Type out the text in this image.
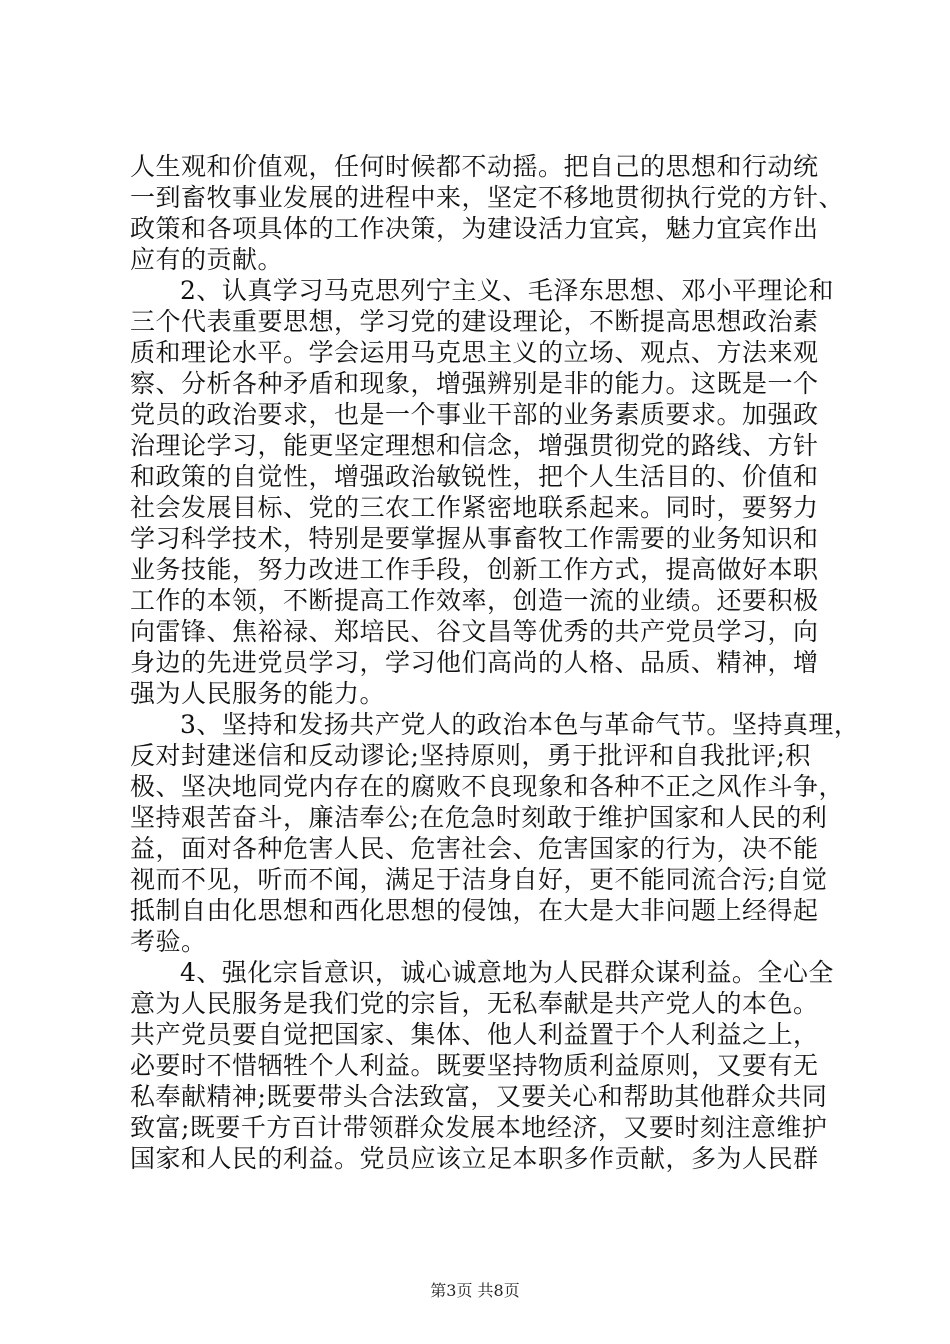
人生观和价值观，任何时候都不动摇。把自己的思想和行动统
一到畜牧事业发展的进程中来，坚定不移地贯彻执行党的方针、
政策和各项具体的工作决策，为建设活力宜宾，魅力宜宾作出
应有的贡献。
2、认真学习马克思列宁主义、毛泽东思想、邓小平理论和
三个代表重要思想，学习党的建设理论，不断提高思想政治素
质和理论水平。学会运用马克思主义的立场、观点、方法来观
察、分析各种矛盾和现象，增强辨别是非的能力。这既是一个
党员的政治要求，也是一个事业干部的业务素质要求。加强政
治理论学习，能更坚定理想和信念，增强贯彻党的路线、方针
和政策的自觉性，增强政治敏锐性，把个人生活目的、价值和
社会发展目标、党的三农工作紧密地联系起来。同时，要努力
学习科学技术，特别是要掌握从事畜牧工作需要的业务知识和
业务技能，努力改进工作手段，创新工作方式，提高做好本职
工作的本领，不断提高工作效率，创造一流的业绩。还要积极
向雷锋、焦裕禄、郑培民、谷文昌等优秀的共产党员学习，向
身边的先进党员学习，学习他们高尚的人格、品质、精神，增
强为人民服务的能力。
3、坚持和发扬共产党人的政治本色与革命气节。坚持真理，
反对封建迷信和反动谬论;坚持原则，勇于批评和自我批评;积
极、坚决地同党内存在的腐败不良现象和各种不正之风作斗争，
坚持艰苦奋斗，廉洁奉公;在危急时刻敢于维护国家和人民的利
益，面对各种危害人民、危害社会、危害国家的行为，决不能
视而不见，听而不闻，满足于洁身自好，更不能同流合污;自觉
抵制自由化思想和西化思想的侵蚀，在大是大非问题上经得起
考验。
4、强化宗旨意识，诚心诚意地为人民群众谋利益。全心全
意为人民服务是我们党的宗旨，无私奉献是共产党人的本色。
共产党员要自觉把国家、集体、他人利益置于个人利益之上，
必要时不惜牺牲个人利益。既要坚持物质利益原则，又要有无
私奉献精神;既要带头合法致富，又要关心和帮助其他群众共同
致富;既要千方百计带领群众发展本地经济，又要时刻注意维护
国家和人民的利益。党员应该立足本职多作贡献，多为人民群
第3页 共8页
